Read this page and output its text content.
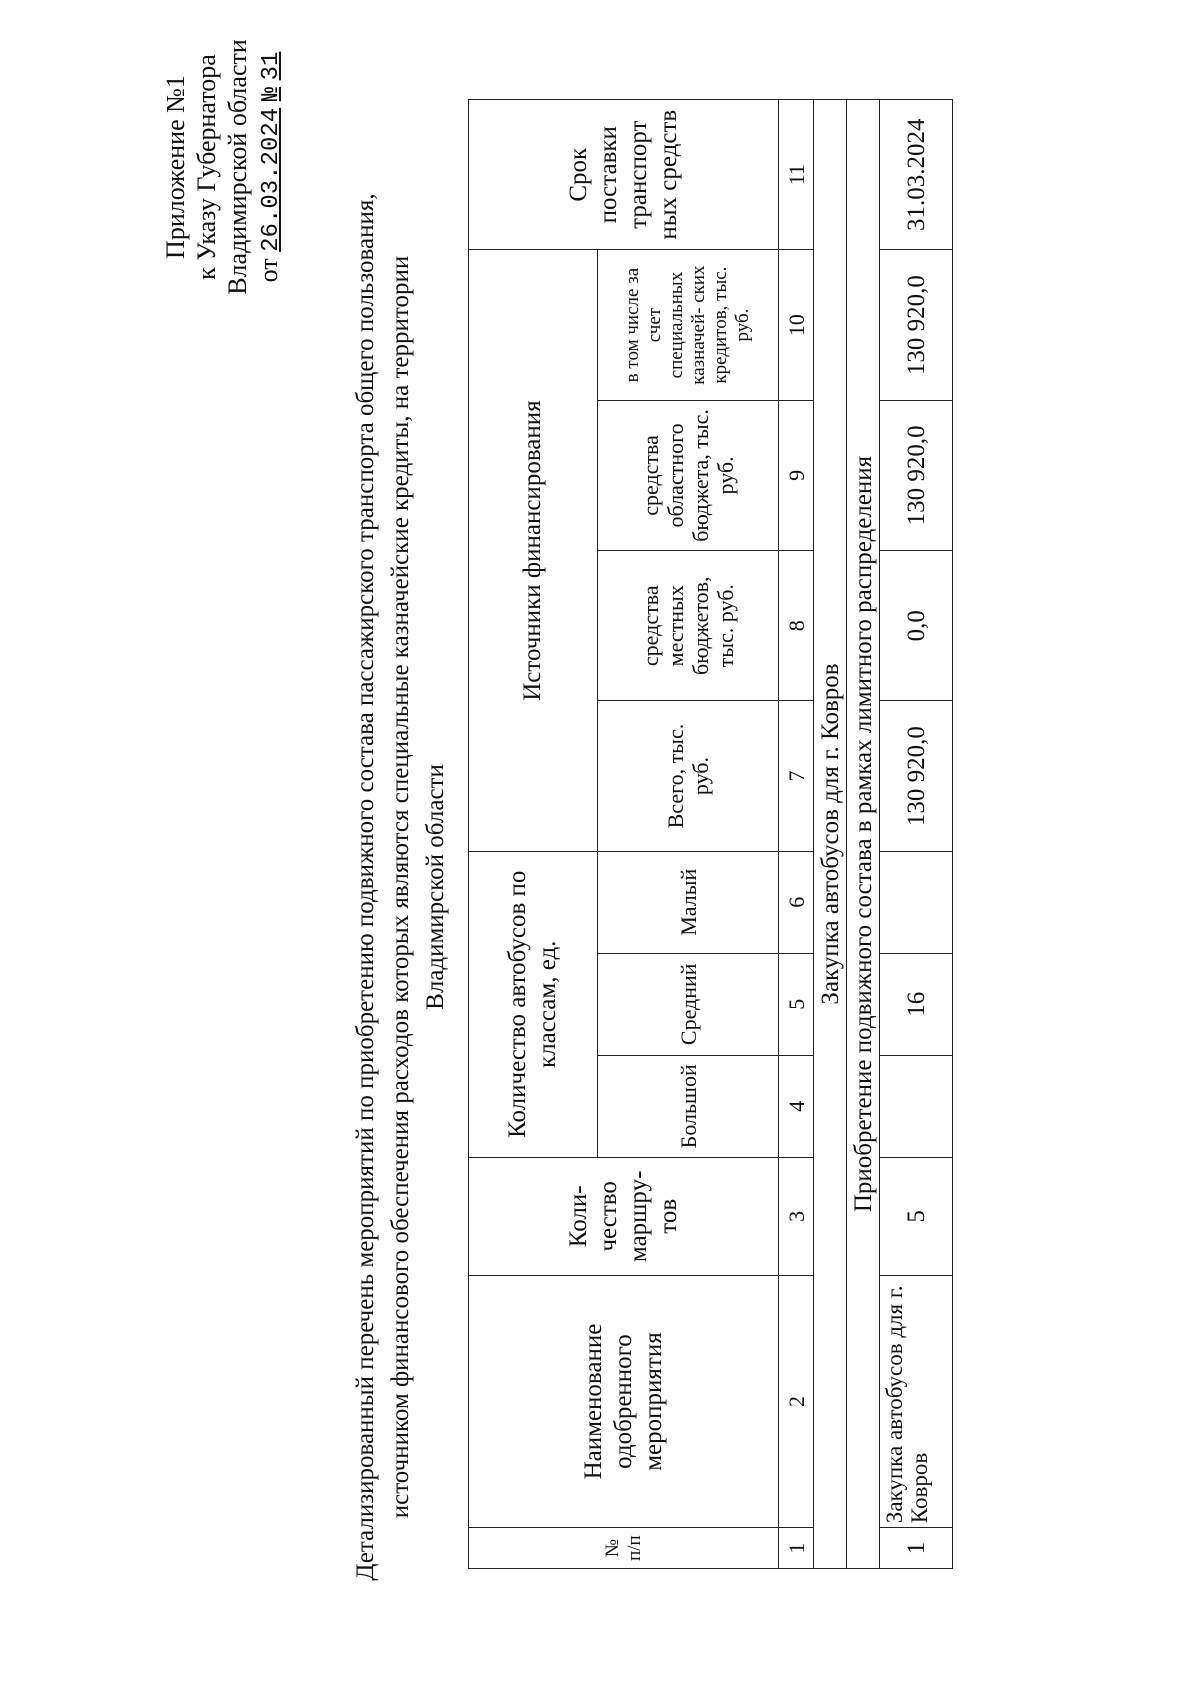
Приложение №1 к Указу Губернатора Владимирской области от 26.03.2024 № 31
Детализированный перечень мероприятий по приобретению подвижного состава пассажирского транспорта общего пользования, источником финансового обеспечения расходов которых являются специальные казначейские кредиты, на территории Владимирской области
№ п/п	Наименование одобренного мероприятия	Коли- чество маршру- тов	Количество автобусов по классам, ед.			Источники финансирования				Срок поставки транспорт ных средств
			Большой	Средний	Малый	Всего, тыс. руб.	средства местных бюджетов, тыс. руб.	средства областного бюджета, тыс. руб.	в том числе за счет специальных казначей- ских кредитов, тыс. руб.	
1	2	3	4	5	6	7	8	9	10	11
Закупка автобусов для г. Ковров										
Приобретение подвижного состава в рамках лимитного распределения										
1	Закупка автобусов для г. Ковров	5		16		130 920,0	0,0	130 920,0	130 920,0	31.03.2024
